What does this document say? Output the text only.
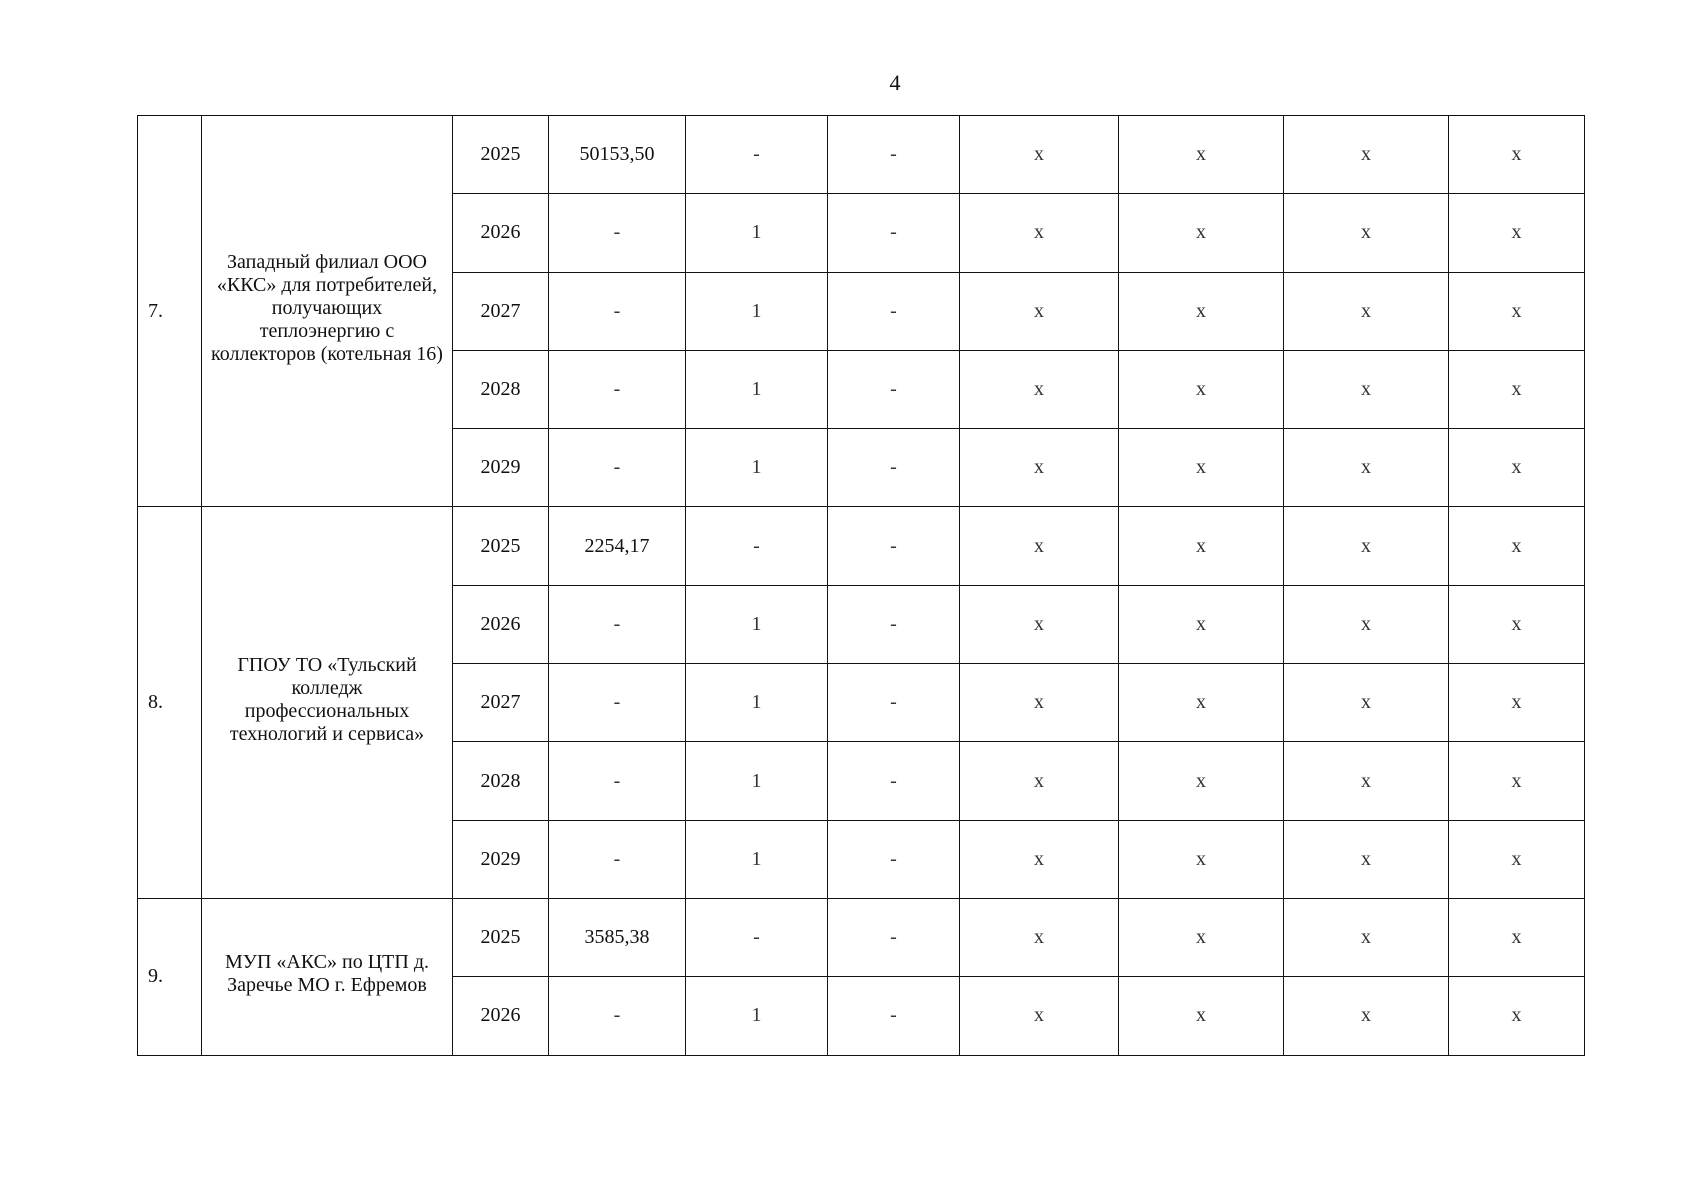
4
7.	Западный филиал ООО «ККС» для потребителей, получающих теплоэнергию с коллекторов (котельная 16)	2025	50153,50	-	-	x	x	x	x
		2026	-	1	-	x	x	x	x
		2027	-	1	-	x	x	x	x
		2028	-	1	-	x	x	x	x
		2029	-	1	-	x	x	x	x
8.	ГПОУ ТО «Тульский колледж профессиональных технологий и сервиса»	2025	2254,17	-	-	x	x	x	x
		2026	-	1	-	x	x	x	x
		2027	-	1	-	x	x	x	x
		2028	-	1	-	x	x	x	x
		2029	-	1	-	x	x	x	x
9.	МУП «АКС» по ЦТП д. Заречье МО г. Ефремов	2025	3585,38	-	-	x	x	x	x
		2026	-	1	-	x	x	x	x
